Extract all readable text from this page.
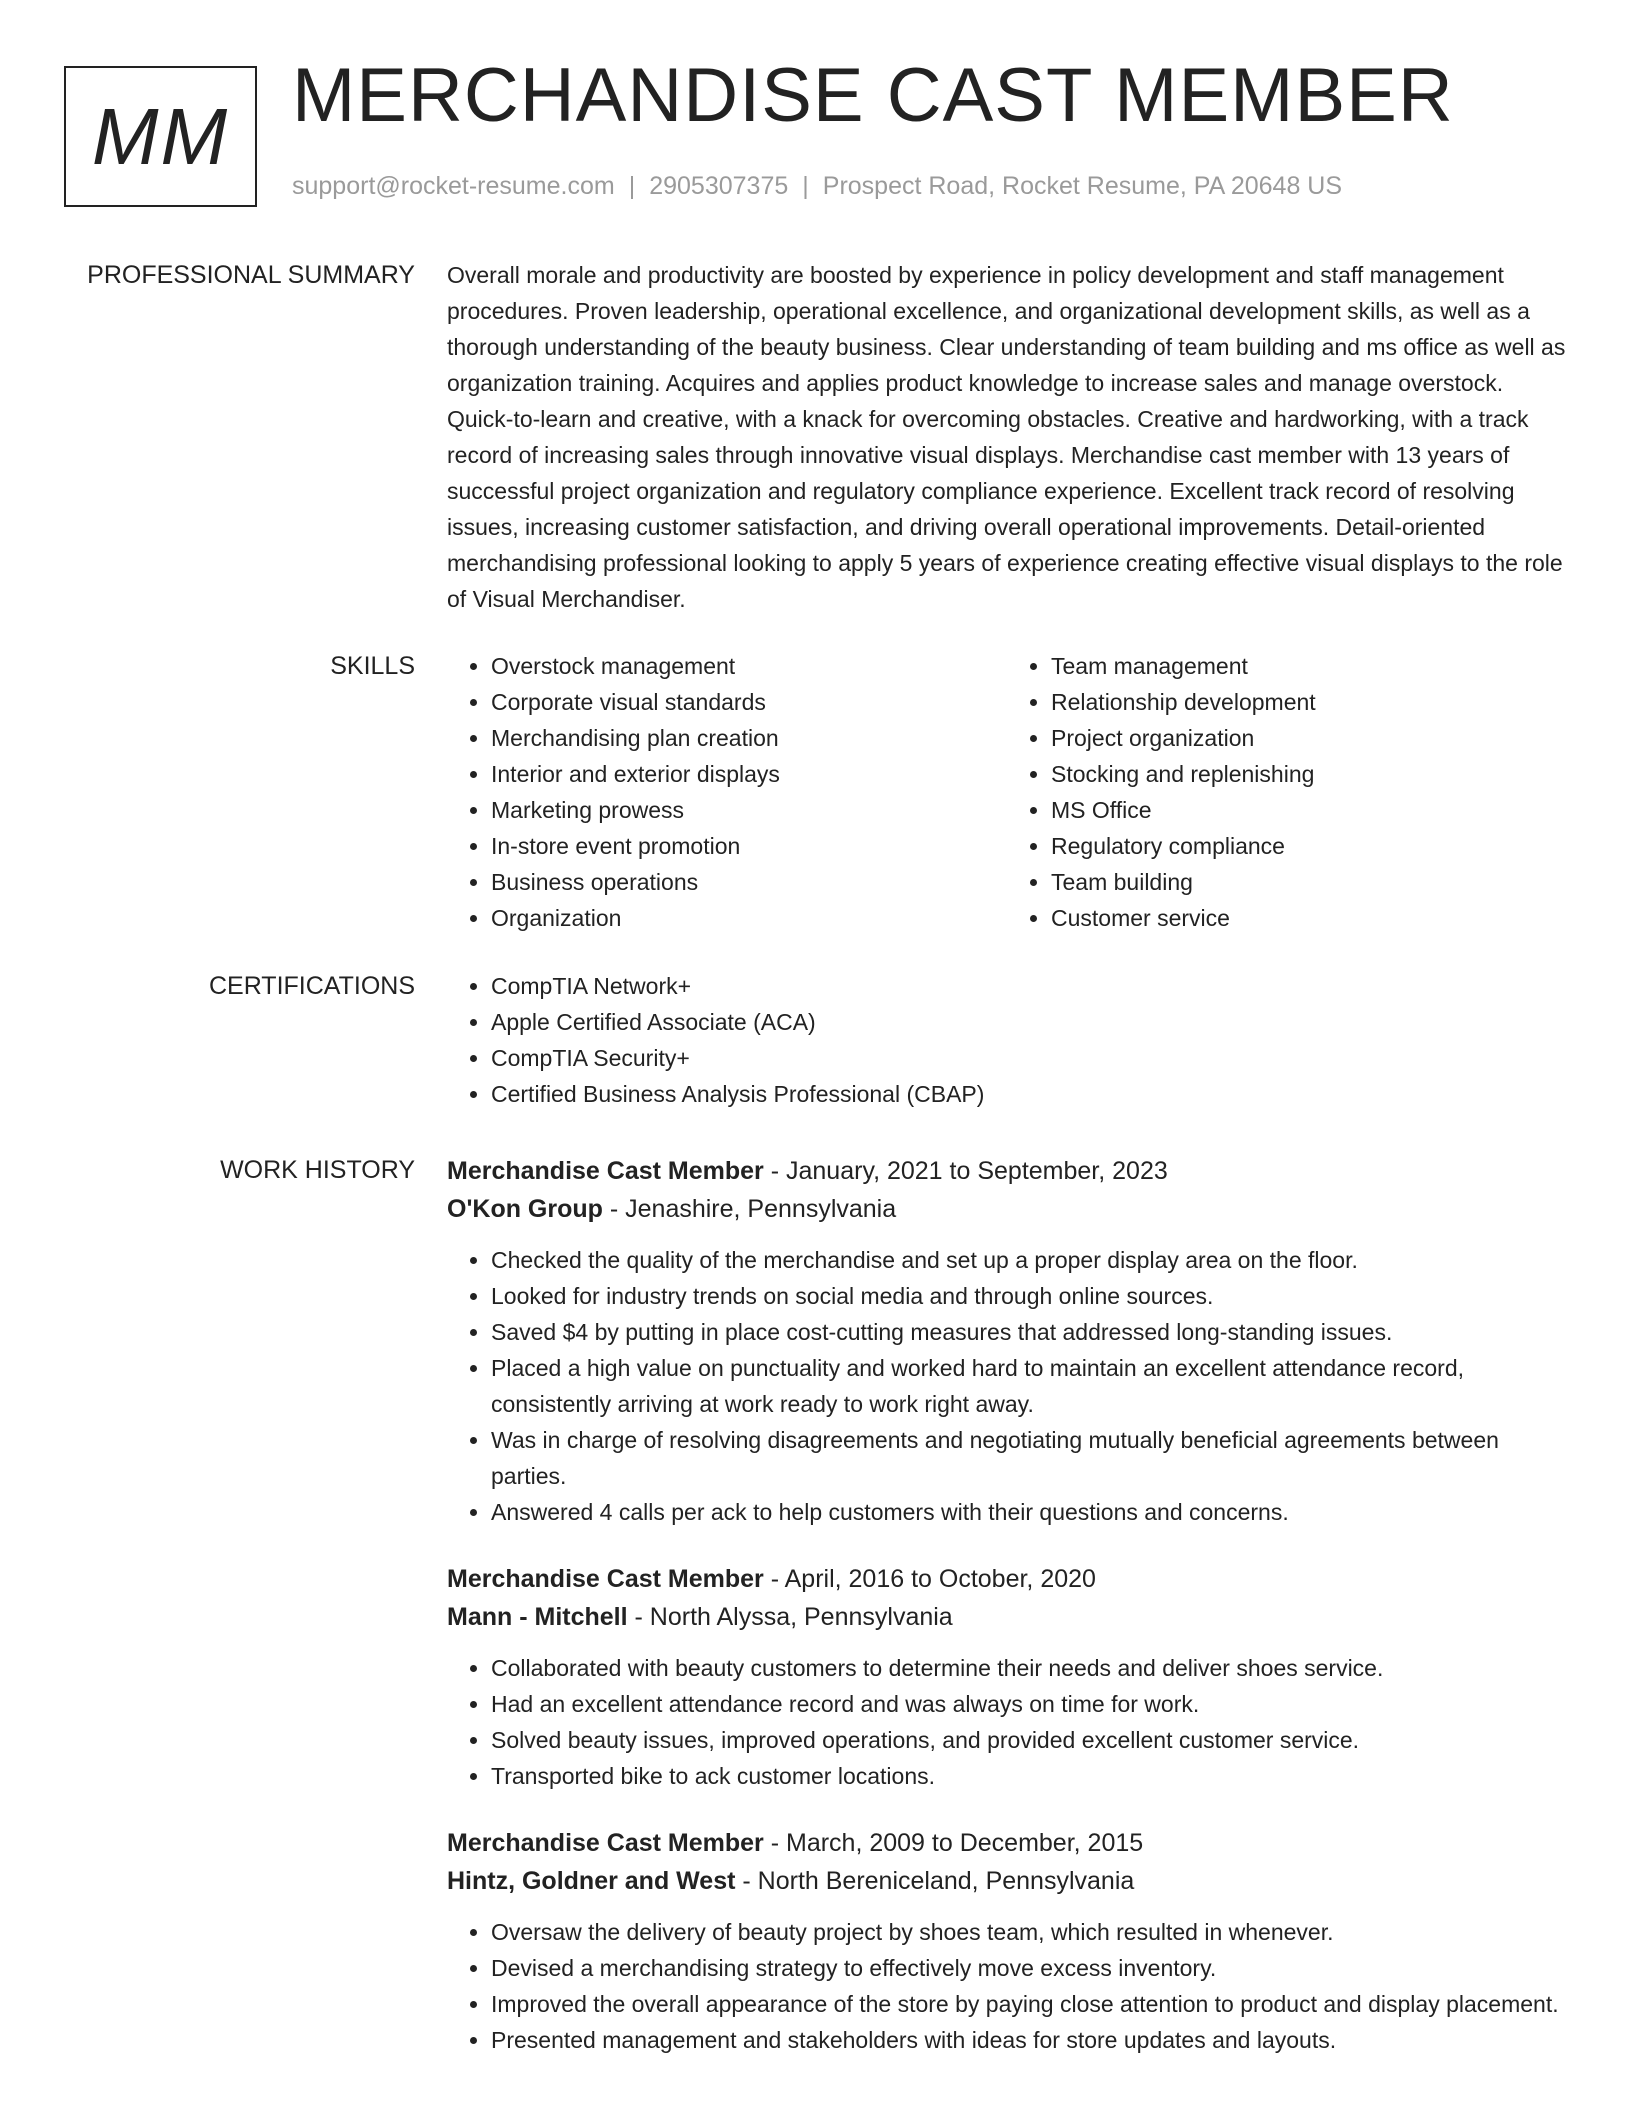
MM MERCHANDISE CAST MEMBER
support@rocket-resume.com | 2905307375 | Prospect Road, Rocket Resume, PA 20648 US
PROFESSIONAL SUMMARY Overall morale and productivity are boosted by experience in policy development and staff management procedures. Proven leadership, operational excellence, and organizational development skills, as well as a thorough understanding of the beauty business. Clear understanding of team building and ms office as well as organization training. Acquires and applies product knowledge to increase sales and manage overstock. Quick-to-learn and creative, with a knack for overcoming obstacles. Creative and hardworking, with a track record of increasing sales through innovative visual displays. Merchandise cast member with 13 years of successful project organization and regulatory compliance experience. Excellent track record of resolving issues, increasing customer satisfaction, and driving overall operational improvements. Detail-oriented merchandising professional looking to apply 5 years of experience creating effective visual displays to the role of Visual Merchandiser.

SKILLS	• Overstock management
• Corporate visual standards
• Merchandising plan creation
• Interior and exterior displays
• Marketing prowess
• In-store event promotion
• Business operations
• Organization
• Team management
• Relationship development
• Project organization
• Stocking and replenishing
• MS Office
• Regulatory compliance
• Team building
• Customer service
CERTIFICATIONS	• CompTIA Network+
• Apple Certified Associate (ACA)
• CompTIA Security+
• Certified Business Analysis Professional (CBAP)
WORK HISTORY Merchandise Cast Member - January, 2021 to September, 2023
O'Kon Group - Jenashire, Pennsylvania
• Checked the quality of the merchandise and set up a proper display area on the floor.
• Looked for industry trends on social media and through online sources.
• Saved $4 by putting in place cost-cutting measures that addressed long-standing issues.
• Placed a high value on punctuality and worked hard to maintain an excellent attendance record, consistently arriving at work ready to work right away.
• Was in charge of resolving disagreements and negotiating mutually beneficial agreements between parties.
• Answered 4 calls per ack to help customers with their questions and concerns.
Merchandise Cast Member - April, 2016 to October, 2020
Mann - Mitchell - North Alyssa, Pennsylvania
• Collaborated with beauty customers to determine their needs and deliver shoes service.
• Had an excellent attendance record and was always on time for work.
• Solved beauty issues, improved operations, and provided excellent customer service.
• Transported bike to ack customer locations.
Merchandise Cast Member - March, 2009 to December, 2015
Hintz, Goldner and West - North Bereniceland, Pennsylvania
• Oversaw the delivery of beauty project by shoes team, which resulted in whenever.
• Devised a merchandising strategy to effectively move excess inventory.
• Improved the overall appearance of the store by paying close attention to product and display placement.
• Presented management and stakeholders with ideas for store updates and layouts.
